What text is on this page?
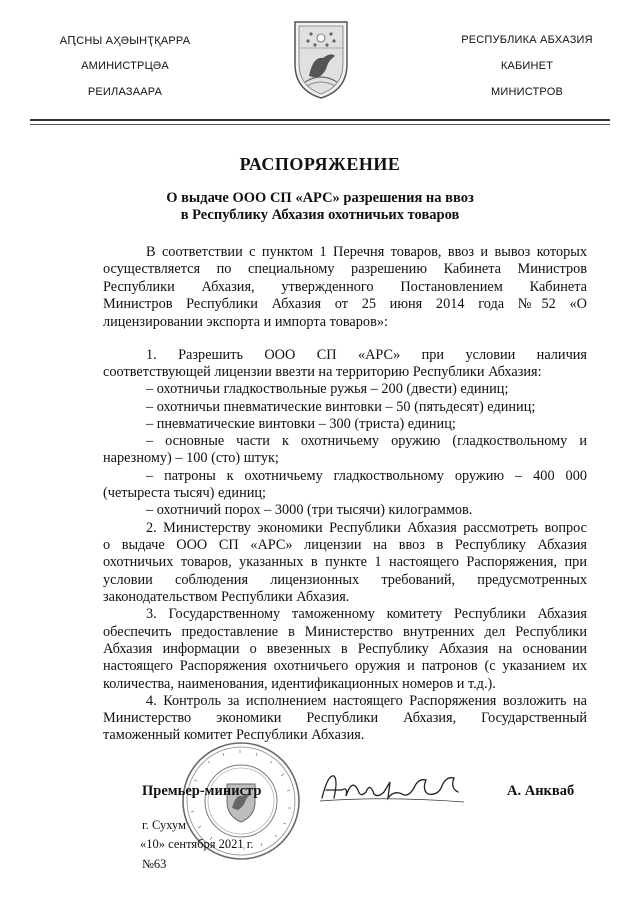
АԤСНЫ АҲӘЫНҬҚАРРА
АМИНИСТРЦӘА
РЕИЛАЗААРА
РЕСПУБЛИКА АБХАЗИЯ
КАБИНЕТ
МИНИСТРОВ
РАСПОРЯЖЕНИЕ
О выдаче ООО СП «АРС» разрешения на ввоз
в Республику Абхазия охотничьих товаров
В соответствии с пунктом 1 Перечня товаров, ввоз и вывоз которых
осуществляется по специальному разрешению Кабинета Министров
Республики Абхазия, утвержденного Постановлением Кабинета
Министров Республики Абхазия от 25 июня 2014 года №52 «О
лицензировании экспорта и импорта товаров»:
1. Разрешить ООО СП «АРС» при условии наличия
соответствующей лицензии ввезти на территорию Республики Абхазия:
– охотничьи гладкоствольные ружья – 200 (двести) единиц;
– охотничьи пневматические винтовки – 50 (пятьдесят) единиц;
– пневматические винтовки – 300 (триста) единиц;
– основные части к охотничьему оружию (гладкоствольному и
нарезному) – 100 (сто) штук;
– патроны к охотничьему гладкоствольному оружию – 400 000
(четыреста тысяч) единиц;
– охотничий порох – 3000 (три тысячи) килограммов.
2. Министерству экономики Республики Абхазия рассмотреть вопрос
о выдаче ООО СП «АРС» лицензии на ввоз в Республику Абхазия
охотничьих товаров, указанных в пункте 1 настоящего Распоряжения, при
условии соблюдения лицензионных требований, предусмотренных
законодательством Республики Абхазия.
3. Государственному таможенному комитету Республики Абхазия
обеспечить предоставление в Министерство внутренних дел Республики
Абхазия информации о ввезенных в Республику Абхазия на основании
настоящего Распоряжения охотничьего оружия и патронов (с указанием их
количества, наименования, идентификационных номеров и т.д.).
4. Контроль за исполнением настоящего Распоряжения возложить на
Министерство экономики Республики Абхазия, Государственный
таможенный комитет Республики Абхазия.
Премьер-министр	А. Анкваб
г. Сухум
«10» сентября 2021 г.
№63
